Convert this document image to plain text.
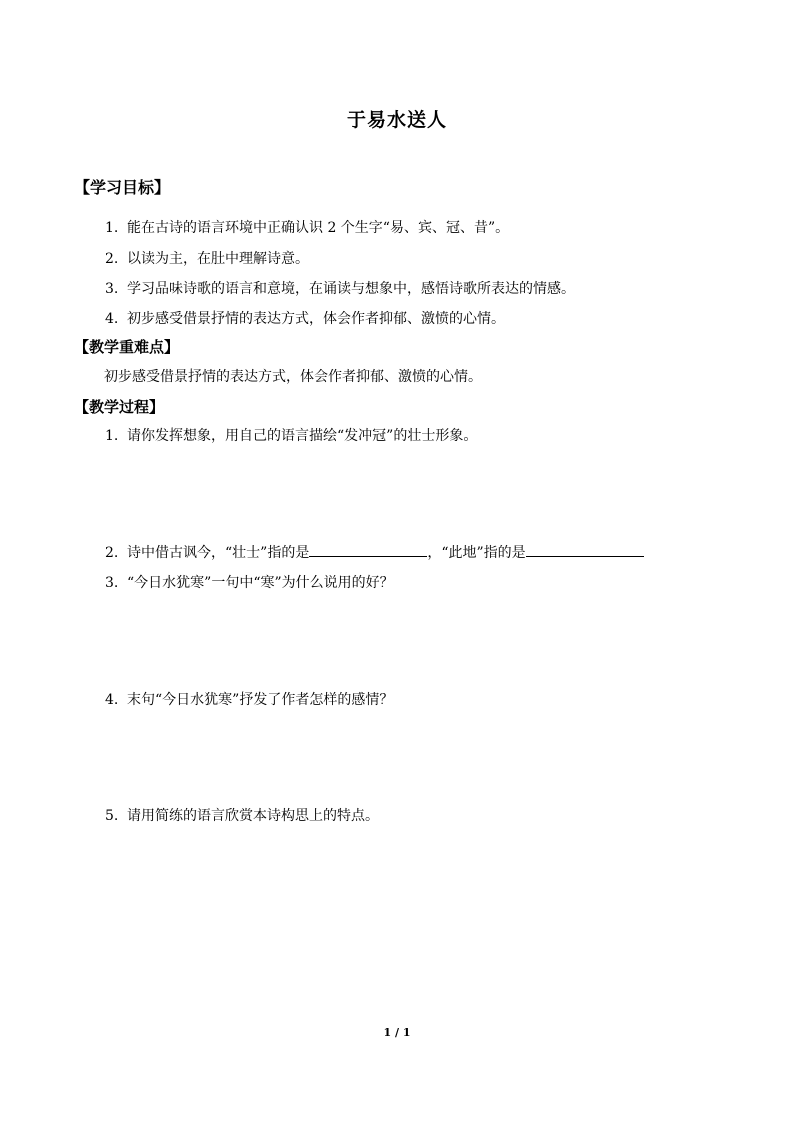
于易水送人
【学习目标】
1. 能在古诗的语言环境中正确认识 2 个生字“易、宾、冠、昔”。
2. 以读为主，在肚中理解诗意。
3. 学习品味诗歌的语言和意境，在诵读与想象中，感悟诗歌所表达的情感。
4. 初步感受借景抒情的表达方式，体会作者抑郁、激愤的心情。
【教学重难点】
初步感受借景抒情的表达方式，体会作者抑郁、激愤的心情。
【教学过程】
1. 请你发挥想象，用自己的语言描绘“发冲冠”的壮士形象。
2. 诗中借古讽今，“壮士”指的是	，“此地”指的是
3. “今日水犹寒”一句中“寒”为什么说用的好？
4. 末句“今日水犹寒”抒发了作者怎样的感情？
5. 请用简练的语言欣赏本诗构思上的特点。
1 / 1
